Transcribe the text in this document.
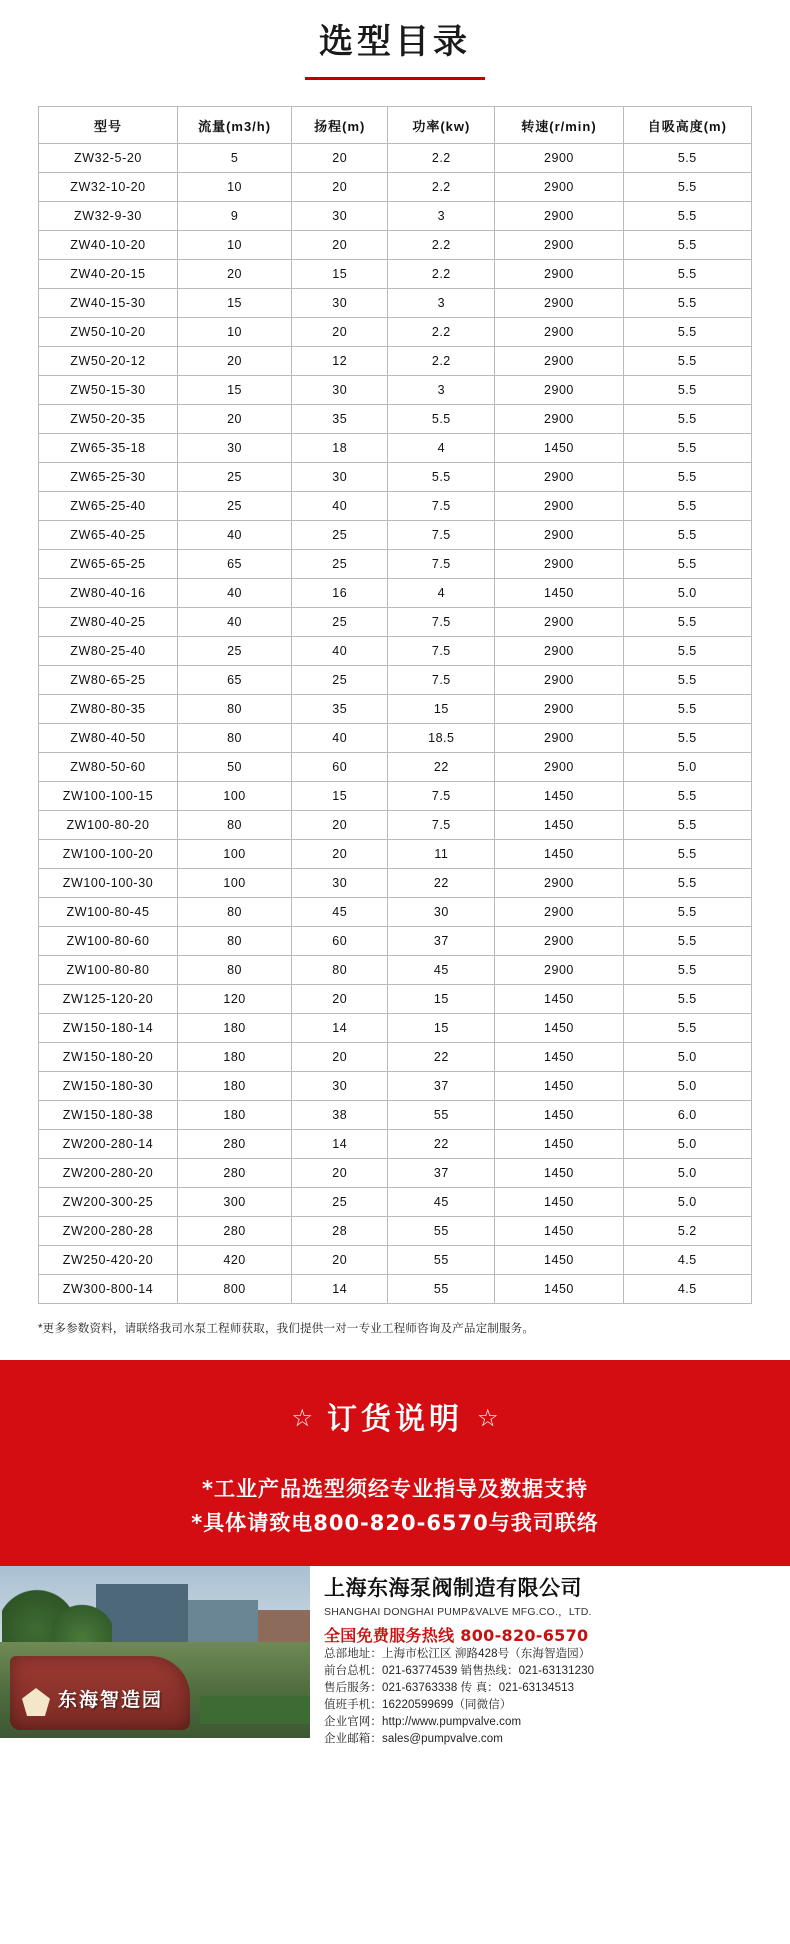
选型目录
型号	流量(m3/h)	扬程(m)	功率(kw)	转速(r/min)	自吸高度(m)
ZW32-5-20	5	20	2.2	2900	5.5
ZW32-10-20	10	20	2.2	2900	5.5
ZW32-9-30	9	30	3	2900	5.5
ZW40-10-20	10	20	2.2	2900	5.5
ZW40-20-15	20	15	2.2	2900	5.5
ZW40-15-30	15	30	3	2900	5.5
ZW50-10-20	10	20	2.2	2900	5.5
ZW50-20-12	20	12	2.2	2900	5.5
ZW50-15-30	15	30	3	2900	5.5
ZW50-20-35	20	35	5.5	2900	5.5
ZW65-35-18	30	18	4	1450	5.5
ZW65-25-30	25	30	5.5	2900	5.5
ZW65-25-40	25	40	7.5	2900	5.5
ZW65-40-25	40	25	7.5	2900	5.5
ZW65-65-25	65	25	7.5	2900	5.5
ZW80-40-16	40	16	4	1450	5.0
ZW80-40-25	40	25	7.5	2900	5.5
ZW80-25-40	25	40	7.5	2900	5.5
ZW80-65-25	65	25	7.5	2900	5.5
ZW80-80-35	80	35	15	2900	5.5
ZW80-40-50	80	40	18.5	2900	5.5
ZW80-50-60	50	60	22	2900	5.0
ZW100-100-15	100	15	7.5	1450	5.5
ZW100-80-20	80	20	7.5	1450	5.5
ZW100-100-20	100	20	11	1450	5.5
ZW100-100-30	100	30	22	2900	5.5
ZW100-80-45	80	45	30	2900	5.5
ZW100-80-60	80	60	37	2900	5.5
ZW100-80-80	80	80	45	2900	5.5
ZW125-120-20	120	20	15	1450	5.5
ZW150-180-14	180	14	15	1450	5.5
ZW150-180-20	180	20	22	1450	5.0
ZW150-180-30	180	30	37	1450	5.0
ZW150-180-38	180	38	55	1450	6.0
ZW200-280-14	280	14	22	1450	5.0
ZW200-280-20	280	20	37	1450	5.0
ZW200-300-25	300	25	45	1450	5.0
ZW200-280-28	280	28	55	1450	5.2
ZW250-420-20	420	20	55	1450	4.5
ZW300-800-14	800	14	55	1450	4.5
*更多参数资料，请联络我司水泵工程师获取，我们提供一对一专业工程师咨询及产品定制服务。
☆ 订货说明 ☆
*工业产品选型须经专业指导及数据支持
*具体请致电800-820-6570与我司联络
东海智造园
上海东海泵阀制造有限公司
SHANGHAI DONGHAI PUMP&VALVE MFG.CO.，LTD.
全国免费服务热线 800-820-6570
总部地址：上海市松江区 泖路428号（东海智造园）
前台总机：021-63774539 销售热线：021-63131230
售后服务：021-63763338 传 真：021-63134513
值班手机：16220599699（同微信）
企业官网：http://www.pumpvalve.com
企业邮箱：sales@pumpvalve.com
